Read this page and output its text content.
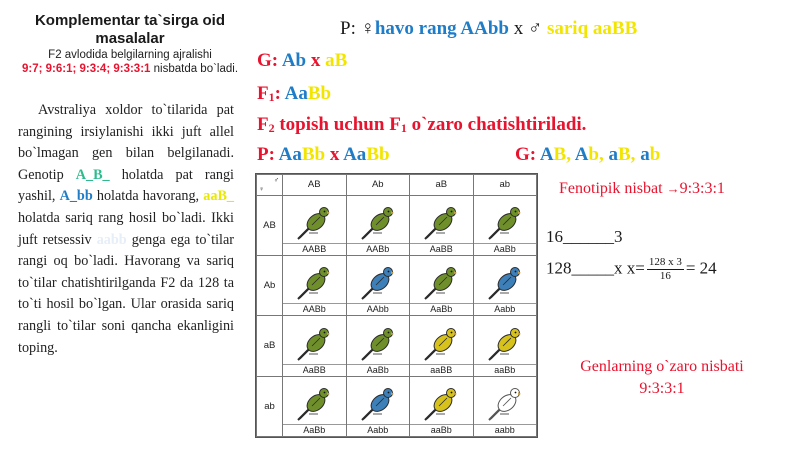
Komplementar ta`sirga oid masalalar
F2 avlodida belgilarning ajralishi
9:7; 9:6:1; 9:3:4; 9:3:3:1 nisbatda bo`ladi.
Avstraliya xoldor to`tilarida pat rangining irsiylanishi ikki juft allel bo`lmagan gen bilan belgilanadi. Genotip A_B_ holatda pat rangi yashil, A_bb holatda havorang, aaB_ holatda sariq rang hosil bo`ladi. Ikki juft retsessiv aabb genga ega to`tilar rangi oq bo`ladi. Havorang va sariq to`tilar chatishtirilganda F2 da 128 ta to`ti hosil bo`lgan. Ular orasida sariq rangli to`tilar soni qancha ekanligini toping.
P: ♀havo rang AAbb x ♂ sariq aaBB
G: Ab x aB
F1: AaBb
F2 topish uchun F1 o`zaro chatishtiriladi.
P: AaBb x AaBb	G: AB, Ab, aB, ab
♀
♂	AB	Ab	aB	ab
AB	AABB	AABb	AaBB	AaBb

Ab	AABb	AAbb	AaBb	Aabb

aB	AaBB	AaBb	aaBB	aaBb

ab	AaBb	Aabb	aaBb	aabb
Fenotipik nisbat →9:3:3:1
16______3
128_____x $x= \frac{128 x 3}{16} = 24$
Genlarning o`zaro nisbati
9:3:3:1
